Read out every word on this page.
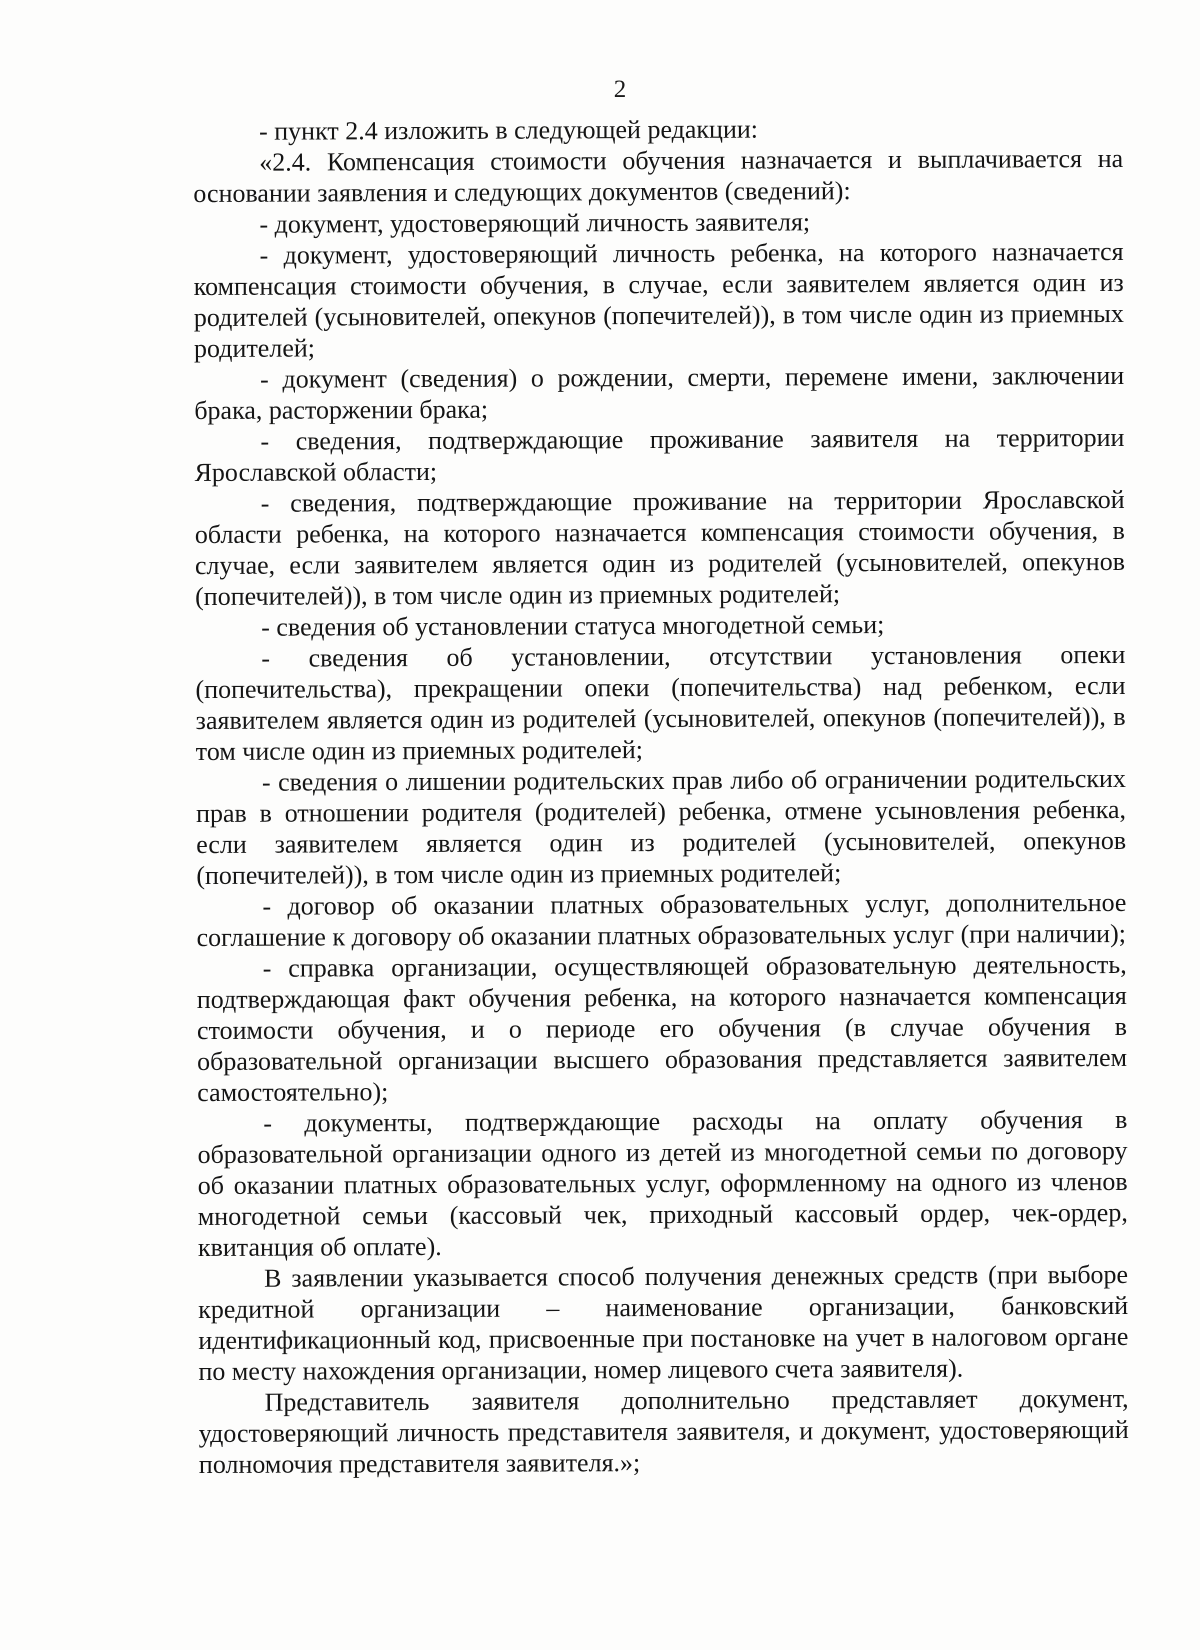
2

- пункт 2.4 изложить в следующей редакции:

«2.4. Компенсация стоимости обучения назначается и выплачивается на основании заявления и следующих документов (сведений):

- документ, удостоверяющий личность заявителя;

- документ, удостоверяющий личность ребенка, на которого назначается компенсация стоимости обучения, в случае, если заявителем является один из родителей (усыновителей, опекунов (попечителей)), в том числе один из приемных родителей;

- документ (сведения) о рождении, смерти, перемене имени, заключении брака, расторжении брака;

- сведения, подтверждающие проживание заявителя на территории Ярославской области;

- сведения, подтверждающие проживание на территории Ярославской области ребенка, на которого назначается компенсация стоимости обучения, в случае, если заявителем является один из родителей (усыновителей, опекунов (попечителей)), в том числе один из приемных родителей;

- сведения об установлении статуса многодетной семьи;

- сведения об установлении, отсутствии установления опеки (попечительства), прекращении опеки (попечительства) над ребенком, если заявителем является один из родителей (усыновителей, опекунов (попечителей)), в том числе один из приемных родителей;

- сведения о лишении родительских прав либо об ограничении родительских прав в отношении родителя (родителей) ребенка, отмене усыновления ребенка, если заявителем является один из родителей (усыновителей, опекунов (попечителей)), в том числе один из приемных родителей;

- договор об оказании платных образовательных услуг, дополнительное соглашение к договору об оказании платных образовательных услуг (при наличии);

- справка организации, осуществляющей образовательную деятельность, подтверждающая факт обучения ребенка, на которого назначается компенсация стоимости обучения, и о периоде его обучения (в случае обучения в образовательной организации высшего образования представляется заявителем самостоятельно);

- документы, подтверждающие расходы на оплату обучения в образовательной организации одного из детей из многодетной семьи по договору об оказании платных образовательных услуг, оформленному на одного из членов многодетной семьи (кассовый чек, приходный кассовый ордер, чек-ордер, квитанция об оплате).

В заявлении указывается способ получения денежных средств (при выборе кредитной организации – наименование организации, банковский идентификационный код, присвоенные при постановке на учет в налоговом органе по месту нахождения организации, номер лицевого счета заявителя).

Представитель заявителя дополнительно представляет документ, удостоверяющий личность представителя заявителя, и документ, удостоверяющий полномочия представителя заявителя.»;
